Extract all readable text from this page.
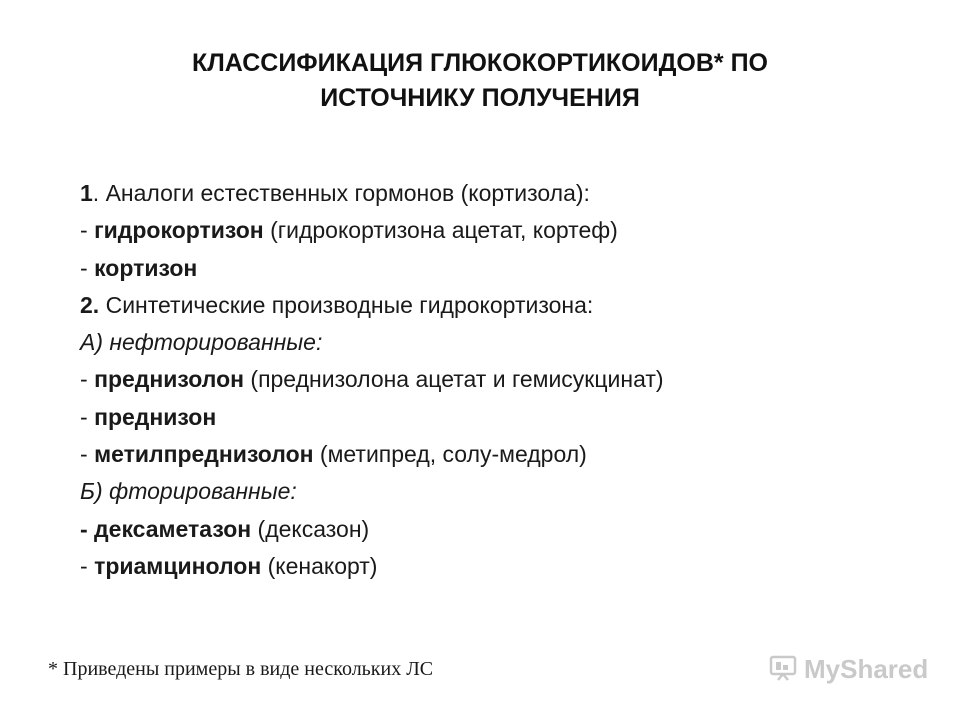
КЛАССИФИКАЦИЯ ГЛЮКОКОРТИКОИДОВ* ПО
ИСТОЧНИКУ ПОЛУЧЕНИЯ
1. Аналоги естественных гормонов (кортизола):
- гидрокортизон (гидрокортизона ацетат, кортеф)
- кортизон
2. Синтетические производные гидрокортизона:
А) нефторированные:
- преднизолон (преднизолона ацетат и гемисукцинат)
- преднизон
- метилпреднизолон (метипред, солу-медрол)
Б) фторированные:
- дексаметазон (дексазон)
- триамцинолон (кенакорт)
* Приведены примеры в виде нескольких ЛС	MyShared
